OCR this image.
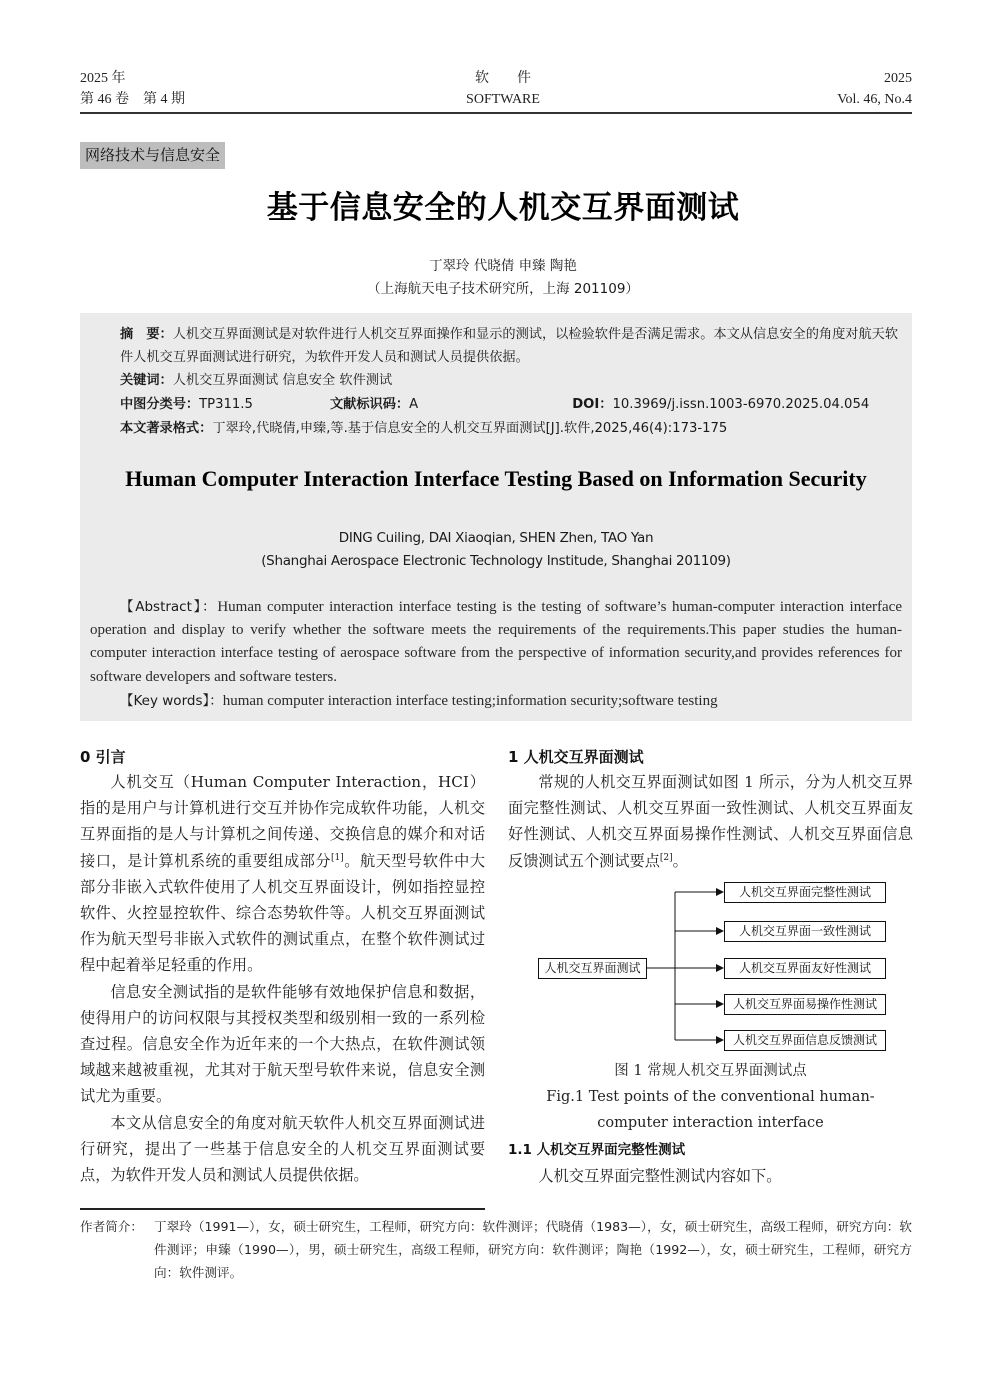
2025 年
第 46 卷　第 4 期
软　　件
SOFTWARE
2025
Vol. 46, No.4
网络技术与信息安全
基于信息安全的人机交互界面测试
丁翠玲 代晓倩 申臻 陶艳
（上海航天电子技术研究所，上海 201109）
摘　要：人机交互界面测试是对软件进行人机交互界面操作和显示的测试，以检验软件是否满足需求。本文从信息安全的角度对航天软件人机交互界面测试进行研究，为软件开发人员和测试人员提供依据。
关键词：人机交互界面测试 信息安全 软件测试
中图分类号：TP311.5	文献标识码：A	DOI：10.3969/j.issn.1003-6970.2025.04.054
本文著录格式：丁翠玲,代晓倩,申臻,等.基于信息安全的人机交互界面测试[J].软件,2025,46(4):173-175
Human Computer Interaction Interface Testing Based on Information Security
DING Cuiling, DAI Xiaoqian, SHEN Zhen, TAO Yan
(Shanghai Aerospace Electronic Technology Institude, Shanghai 201109)
【Abstract】：Human computer interaction interface testing is the testing of software’s human-computer interaction interface operation and display to verify whether the software meets the requirements of the requirements.This paper studies the human-computer interaction interface testing of aerospace software from the perspective of information security,and provides references for software developers and software testers.
【Key words】：human computer interaction interface testing;information security;software testing
0 引言

人机交互（Human Computer Interaction，HCI）指的是用户与计算机进行交互并协作完成软件功能，人机交互界面指的是人与计算机之间传递、交换信息的媒介和对话接口，是计算机系统的重要组成部分[1]。航天型号软件中大部分非嵌入式软件使用了人机交互界面设计，例如指控显控软件、火控显控软件、综合态势软件等。人机交互界面测试作为航天型号非嵌入式软件的测试重点，在整个软件测试过程中起着举足轻重的作用。

信息安全测试指的是软件能够有效地保护信息和数据，使得用户的访问权限与其授权类型和级别相一致的一系列检查过程。信息安全作为近年来的一个大热点，在软件测试领域越来越被重视，尤其对于航天型号软件来说，信息安全测试尤为重要。

本文从信息安全的角度对航天软件人机交互界面测试进行研究，提出了一些基于信息安全的人机交互界面测试要点，为软件开发人员和测试人员提供依据。

1 人机交互界面测试

常规的人机交互界面测试如图 1 所示，分为人机交互界面完整性测试、人机交互界面一致性测试、人机交互界面友好性测试、人机交互界面易操作性测试、人机交互界面信息反馈测试五个测试要点[2]。

人机交互界面测试
人机交互界面完整性测试
人机交互界面一致性测试
人机交互界面友好性测试
人机交互界面易操作性测试
人机交互界面信息反馈测试
图 1 常规人机交互界面测试点
Fig.1 Test points of the conventional human-computer interaction interface
1.1 人机交互界面完整性测试

人机交互界面完整性测试内容如下。

作者简介： 丁翠玲（1991—），女，硕士研究生，工程师，研究方向：软件测评；代晓倩（1983—），女，硕士研究生，高级工程师，研究方向：软件测评；申臻（1990—），男，硕士研究生，高级工程师，研究方向：软件测评；陶艳（1992—），女，硕士研究生，工程师，研究方向：软件测评。
